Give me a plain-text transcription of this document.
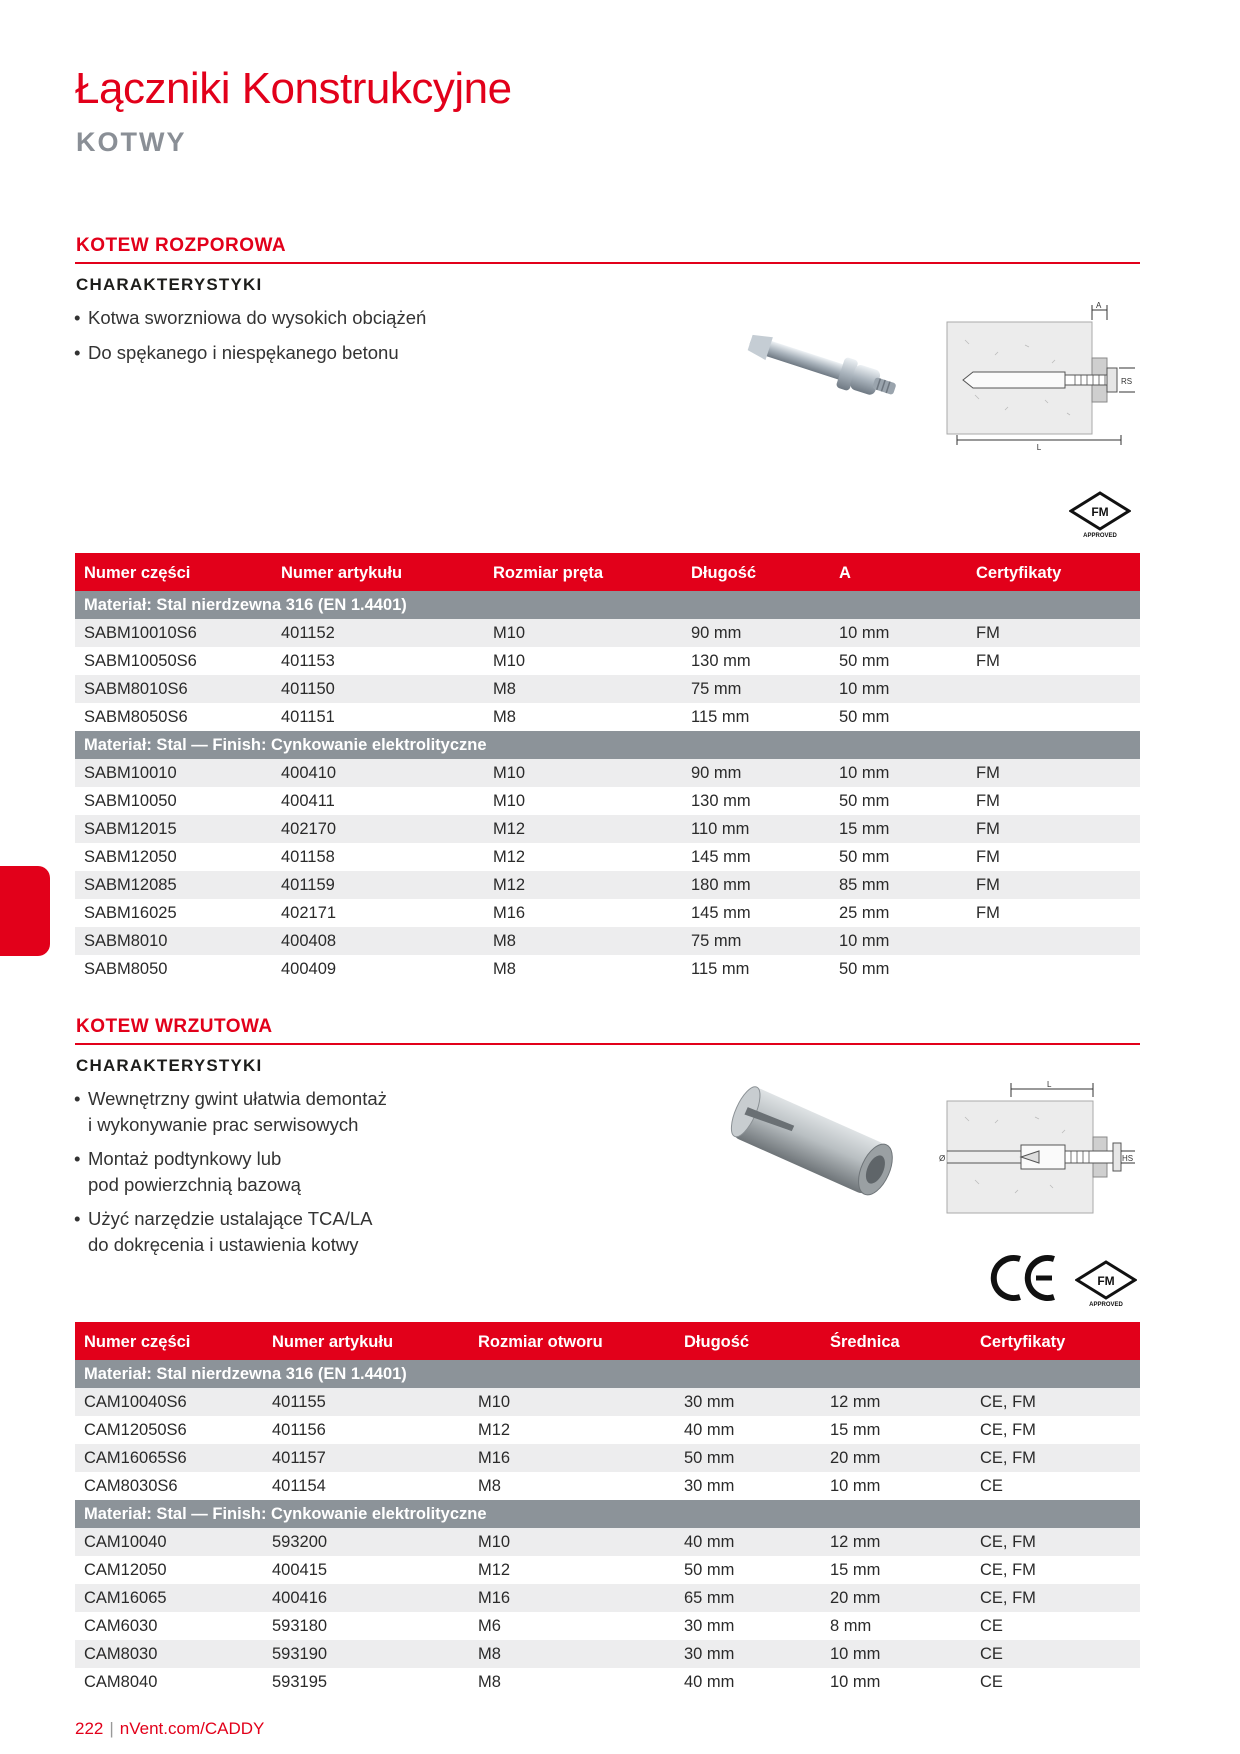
Łączniki Konstrukcyjne
KOTWY
KOTEW ROZPOROWA
CHARAKTERYSTYKI
• Kotwa sworzniowa do wysokich obciążeń
• Do spękanego i niespękanego betonu
L
A
RS
FM
APPROVED
Numer części	Numer artykułu	Rozmiar pręta	Długość	A	Certyfikaty
Materiał: Stal nierdzewna 316 (EN 1.4401)					
SABM10010S6	401152	M10	90 mm	10 mm	FM
SABM10050S6	401153	M10	130 mm	50 mm	FM
SABM8010S6	401150	M8	75 mm	10 mm	
SABM8050S6	401151	M8	115 mm	50 mm	
Materiał: Stal — Finish: Cynkowanie elektrolityczne					
SABM10010	400410	M10	90 mm	10 mm	FM
SABM10050	400411	M10	130 mm	50 mm	FM
SABM12015	402170	M12	110 mm	15 mm	FM
SABM12050	401158	M12	145 mm	50 mm	FM
SABM12085	401159	M12	180 mm	85 mm	FM
SABM16025	402171	M16	145 mm	25 mm	FM
SABM8010	400408	M8	75 mm	10 mm	
SABM8050	400409	M8	115 mm	50 mm	
KOTEW WRZUTOWA
CHARAKTERYSTYKI
• Wewnętrzny gwint ułatwia demontaż
i wykonywanie prac serwisowych
• Montaż podtynkowy lub
pod powierzchnią bazową
• Użyć narzędzie ustalające TCA/LA
do dokręcenia i ustawienia kotwy
L
Ø	HS
FM
APPROVED
Numer części	Numer artykułu	Rozmiar otworu	Długość	Średnica	Certyfikaty
Materiał: Stal nierdzewna 316 (EN 1.4401)					
CAM10040S6	401155	M10	30 mm	12 mm	CE, FM
CAM12050S6	401156	M12	40 mm	15 mm	CE, FM
CAM16065S6	401157	M16	50 mm	20 mm	CE, FM
CAM8030S6	401154	M8	30 mm	10 mm	CE
Materiał: Stal — Finish: Cynkowanie elektrolityczne					
CAM10040	593200	M10	40 mm	12 mm	CE, FM
CAM12050	400415	M12	50 mm	15 mm	CE, FM
CAM16065	400416	M16	65 mm	20 mm	CE, FM
CAM6030	593180	M6	30 mm	8 mm	CE
CAM8030	593190	M8	30 mm	10 mm	CE
CAM8040	593195	M8	40 mm	10 mm	CE
222 | nVent.com/CADDY
